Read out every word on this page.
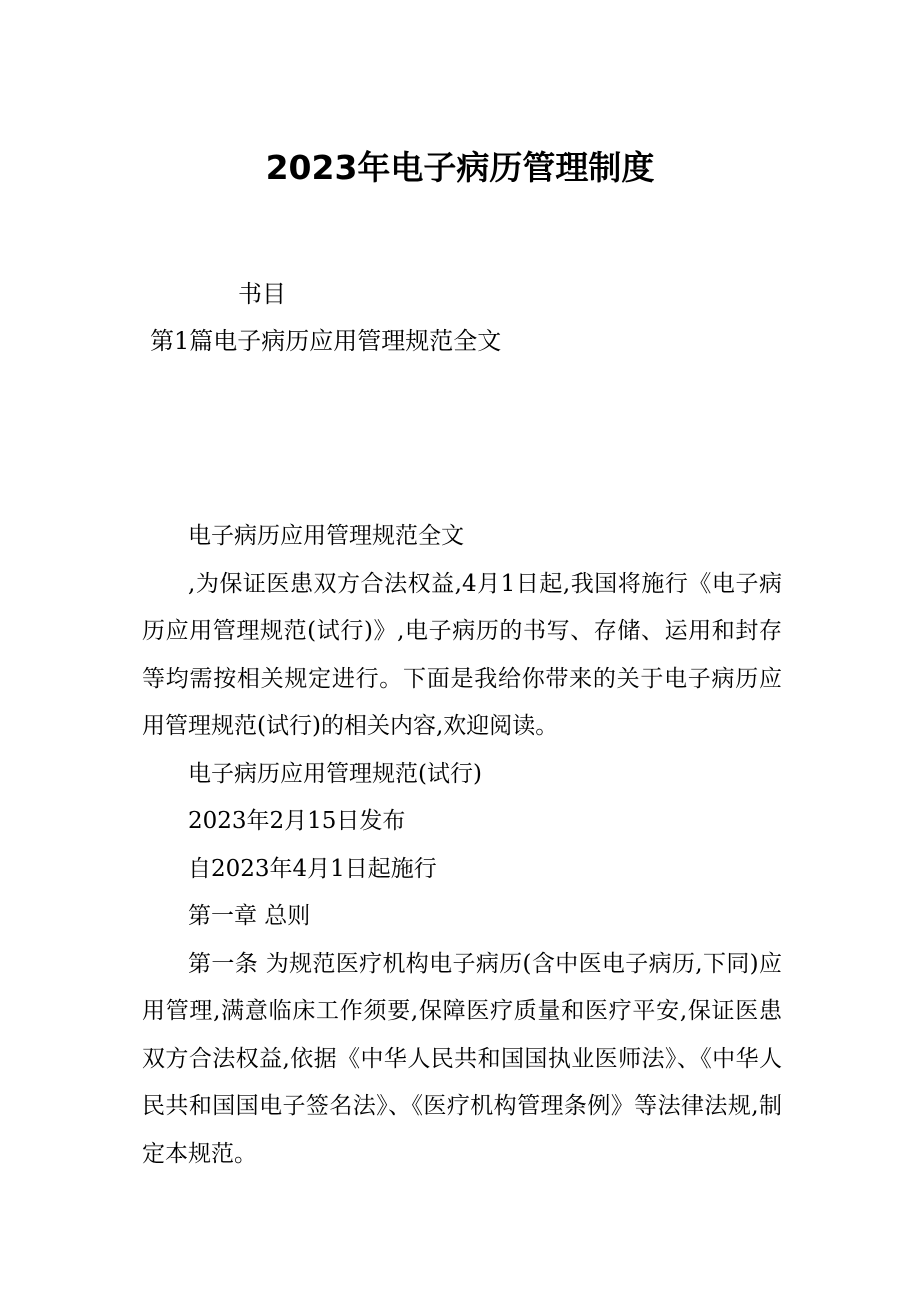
2023年电子病历管理制度

书目

第1篇电子病历应用管理规范全文

电子病历应用管理规范全文

,为保证医患双方合法权益,4月1日起,我国将施行《电子病历应用管理规范(试行)》,电子病历的书写、存储、运用和封存等均需按相关规定进行。下面是我给你带来的关于电子病历应用管理规范(试行)的相关内容,欢迎阅读。

电子病历应用管理规范(试行)

2023年2月15日发布

自2023年4月1日起施行

第一章 总则

第一条 为规范医疗机构电子病历(含中医电子病历,下同)应用管理,满意临床工作须要,保障医疗质量和医疗平安,保证医患双方合法权益,依据《中华人民共和国国执业医师法》、《中华人民共和国国电子签名法》、《医疗机构管理条例》等法律法规,制定本规范。
